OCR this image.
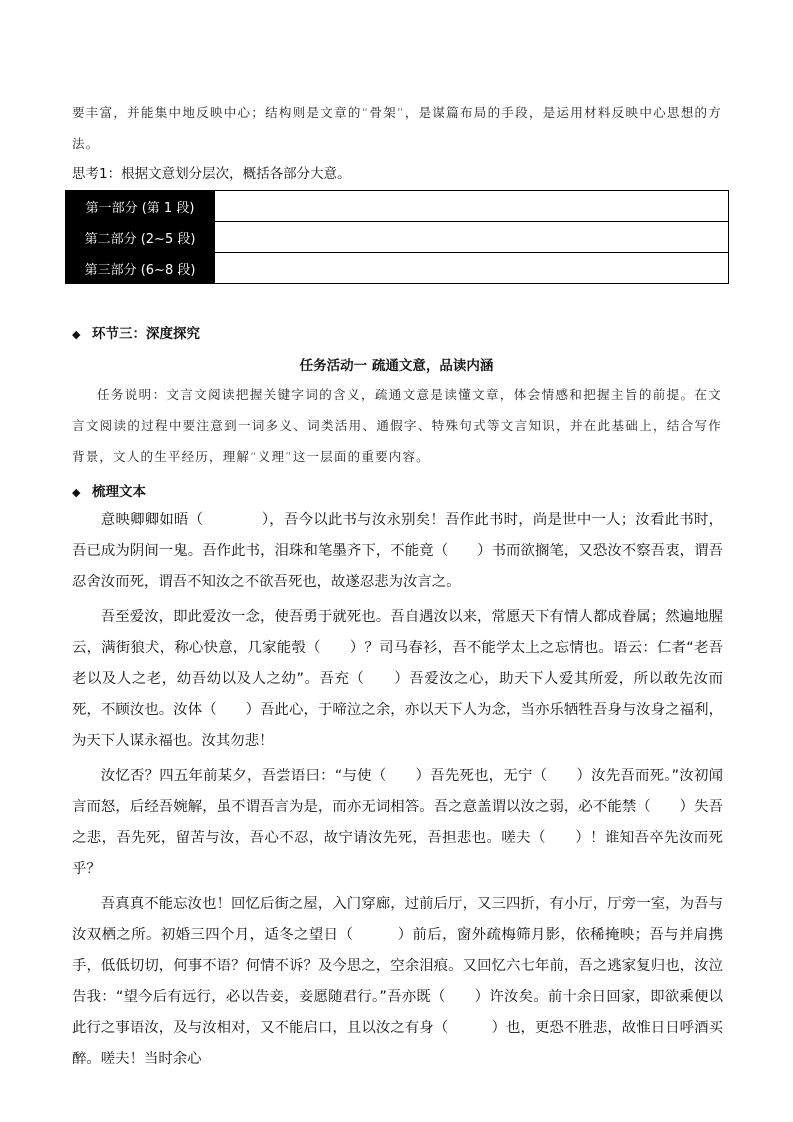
要丰富，并能集中地反映中心；结构则是文章的“骨架”，是谋篇布局的手段，是运用材料反映中心思想的方法。
思考1：根据文意划分层次，概括各部分大意。
第一部分 (第 1 段)	
第二部分 (2~5 段)	
第三部分 (6~8 段)	
◆ 环节三：深度探究
任务活动一 疏通文意，品读内涵
任务说明：文言文阅读把握关键字词的含义，疏通文意是读懂文章，体会情感和把握主旨的前提。在文言文阅读的过程中要注意到一词多义、词类活用、通假字、特殊句式等文言知识，并在此基础上，结合写作背景，文人的生平经历，理解“义理”这一层面的重要内容。
◆ 梳理文本

意映卿卿如晤（　　　　），吾今以此书与汝永别矣！吾作此书时，尚是世中一人；汝看此书时，吾已成为阴间一鬼。吾作此书，泪珠和笔墨齐下，不能竟（　　）书而欲搁笔，又恐汝不察吾衷，谓吾忍舍汝而死，谓吾不知汝之不欲吾死也，故遂忍悲为汝言之。

吾至爱汝，即此爱汝一念，使吾勇于就死也。吾自遇汝以来，常愿天下有情人都成眷属；然遍地腥云，满街狼犬，称心快意，几家能彀（　　）？司马春衫，吾不能学太上之忘情也。语云：仁者“老吾老以及人之老，幼吾幼以及人之幼”。吾充（　　）吾爱汝之心，助天下人爱其所爱，所以敢先汝而死，不顾汝也。汝体（　　）吾此心，于啼泣之余，亦以天下人为念，当亦乐牺牲吾身与汝身之福利，为天下人谋永福也。汝其勿悲！

汝忆否？四五年前某夕，吾尝语曰：“与使（　　）吾先死也，无宁（　　）汝先吾而死。”汝初闻言而怒，后经吾婉解，虽不谓吾言为是，而亦无词相答。吾之意盖谓以汝之弱，必不能禁（　　）失吾之悲，吾先死，留苦与汝，吾心不忍，故宁请汝先死，吾担悲也。嗟夫（　　）！谁知吾卒先汝而死乎？

吾真真不能忘汝也！回忆后街之屋，入门穿廊，过前后厅，又三四折，有小厅，厅旁一室，为吾与汝双栖之所。初婚三四个月，适冬之望日（　　　）前后，窗外疏梅筛月影，依稀掩映；吾与并肩携手，低低切切，何事不语？何情不诉？及今思之，空余泪痕。又回忆六七年前，吾之逃家复归也，汝泣告我：“望今后有远行，必以告妾，妾愿随君行。”吾亦既（　　）许汝矣。前十余日回家，即欲乘便以此行之事语汝，及与汝相对，又不能启口，且以汝之有身（　　　）也，更恐不胜悲，故惟日日呼酒买醉。嗟夫！当时余心
